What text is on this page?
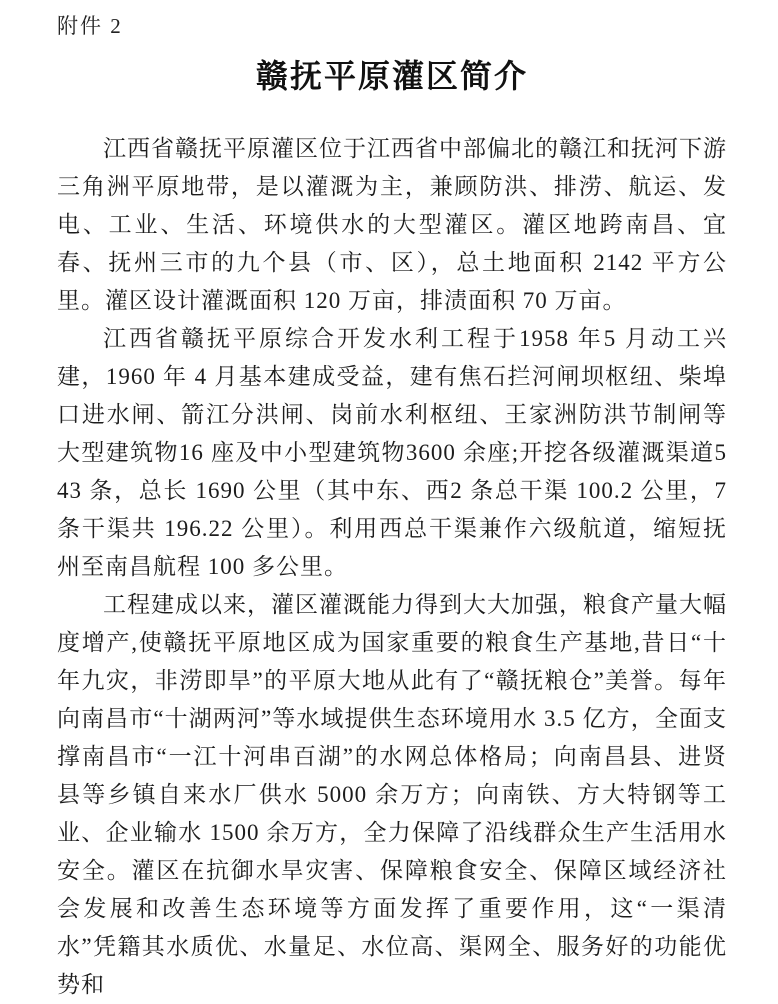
附件 2
赣抚平原灌区简介

江西省赣抚平原灌区位于江西省中部偏北的赣江和抚河下游三角洲平原地带，是以灌溉为主，兼顾防洪、排涝、航运、发电、工业、生活、环境供水的大型灌区。灌区地跨南昌、宜春、抚州三市的九个县（市、区），总土地面积 2142 平方公里。灌区设计灌溉面积 120 万亩，排渍面积 70 万亩。

江西省赣抚平原综合开发水利工程于1958 年5 月动工兴建，1960 年 4 月基本建成受益，建有焦石拦河闸坝枢纽、柴埠口进水闸、箭江分洪闸、岗前水利枢纽、王家洲防洪节制闸等大型建筑物16 座及中小型建筑物3600 余座;开挖各级灌溉渠道543 条，总长 1690 公里（其中东、西2 条总干渠 100.2 公里，7 条干渠共 196.22 公里）。利用西总干渠兼作六级航道，缩短抚州至南昌航程 100 多公里。

工程建成以来，灌区灌溉能力得到大大加强，粮食产量大幅度增产,使赣抚平原地区成为国家重要的粮食生产基地,昔日“十年九灾，非涝即旱”的平原大地从此有了“赣抚粮仓”美誉。每年向南昌市“十湖两河”等水域提供生态环境用水 3.5 亿方，全面支撑南昌市“一江十河串百湖”的水网总体格局；向南昌县、进贤县等乡镇自来水厂供水 5000 余万方；向南铁、方大特钢等工业、企业输水 1500 余万方，全力保障了沿线群众生产生活用水安全。灌区在抗御水旱灾害、保障粮食安全、保障区域经济社会发展和改善生态环境等方面发挥了重要作用，这“一渠清水”凭籍其水质优、水量足、水位高、渠网全、服务好的功能优势和
